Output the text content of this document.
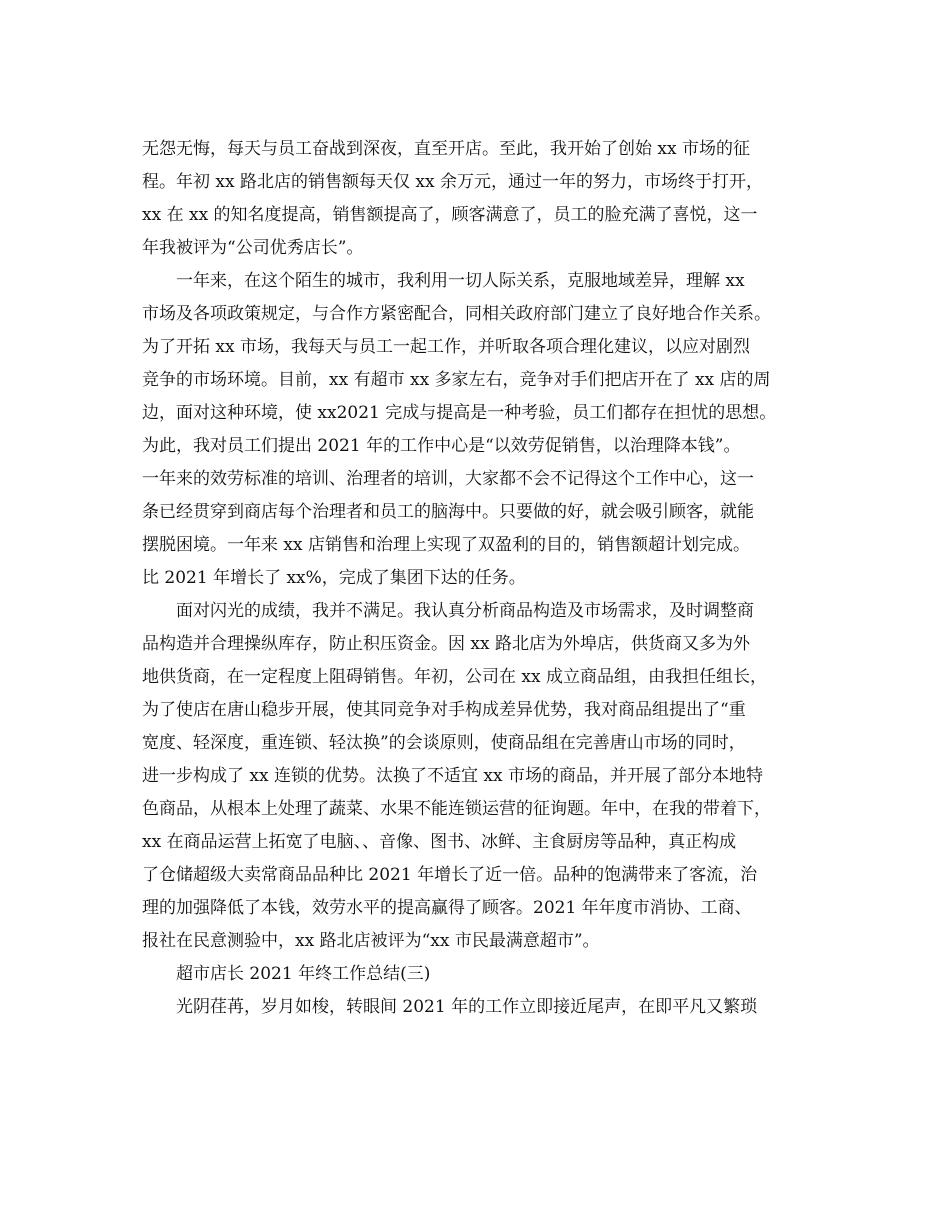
无怨无悔，每天与员工奋战到深夜，直至开店。至此，我开始了创始 xx 市场的征
程。年初 xx 路北店的销售额每天仅 xx 余万元，通过一年的努力，市场终于打开，
xx 在 xx 的知名度提高，销售额提高了，顾客满意了，员工的脸充满了喜悦，这一
年我被评为“公司优秀店长”。
一年来，在这个陌生的城市，我利用一切人际关系，克服地域差异，理解 xx
市场及各项政策规定，与合作方紧密配合，同相关政府部门建立了良好地合作关系。
为了开拓 xx 市场，我每天与员工一起工作，并听取各项合理化建议，以应对剧烈
竞争的市场环境。目前，xx 有超市 xx 多家左右，竞争对手们把店开在了 xx 店的周
边，面对这种环境，使 xx2021 完成与提高是一种考验，员工们都存在担忧的思想。
为此，我对员工们提出 2021 年的工作中心是“以效劳促销售，以治理降本钱”。
一年来的效劳标准的培训、治理者的培训，大家都不会不记得这个工作中心，这一
条已经贯穿到商店每个治理者和员工的脑海中。只要做的好，就会吸引顾客，就能
摆脱困境。一年来 xx 店销售和治理上实现了双盈利的目的，销售额超计划完成。
比 2021 年增长了 xx%，完成了集团下达的任务。
面对闪光的成绩，我并不满足。我认真分析商品构造及市场需求，及时调整商
品构造并合理操纵库存，防止积压资金。因 xx 路北店为外埠店，供货商又多为外
地供货商，在一定程度上阻碍销售。年初，公司在 xx 成立商品组，由我担任组长，
为了使店在唐山稳步开展，使其同竞争对手构成差异优势，我对商品组提出了“重
宽度、轻深度，重连锁、轻汰换”的会谈原则，使商品组在完善唐山市场的同时，
进一步构成了 xx 连锁的优势。汰换了不适宜 xx 市场的商品，并开展了部分本地特
色商品，从根本上处理了蔬菜、水果不能连锁运营的征询题。年中，在我的带着下，
xx 在商品运营上拓宽了电脑、、音像、图书、冰鲜、主食厨房等品种，真正构成
了仓储超级大卖常商品品种比 2021 年增长了近一倍。品种的饱满带来了客流，治
理的加强降低了本钱，效劳水平的提高赢得了顾客。2021 年年度市消协、工商、
报社在民意测验中，xx 路北店被评为“xx 市民最满意超市”。
超市店长 2021 年终工作总结(三)
光阴荏苒，岁月如梭，转眼间 2021 年的工作立即接近尾声，在即平凡又繁琐
